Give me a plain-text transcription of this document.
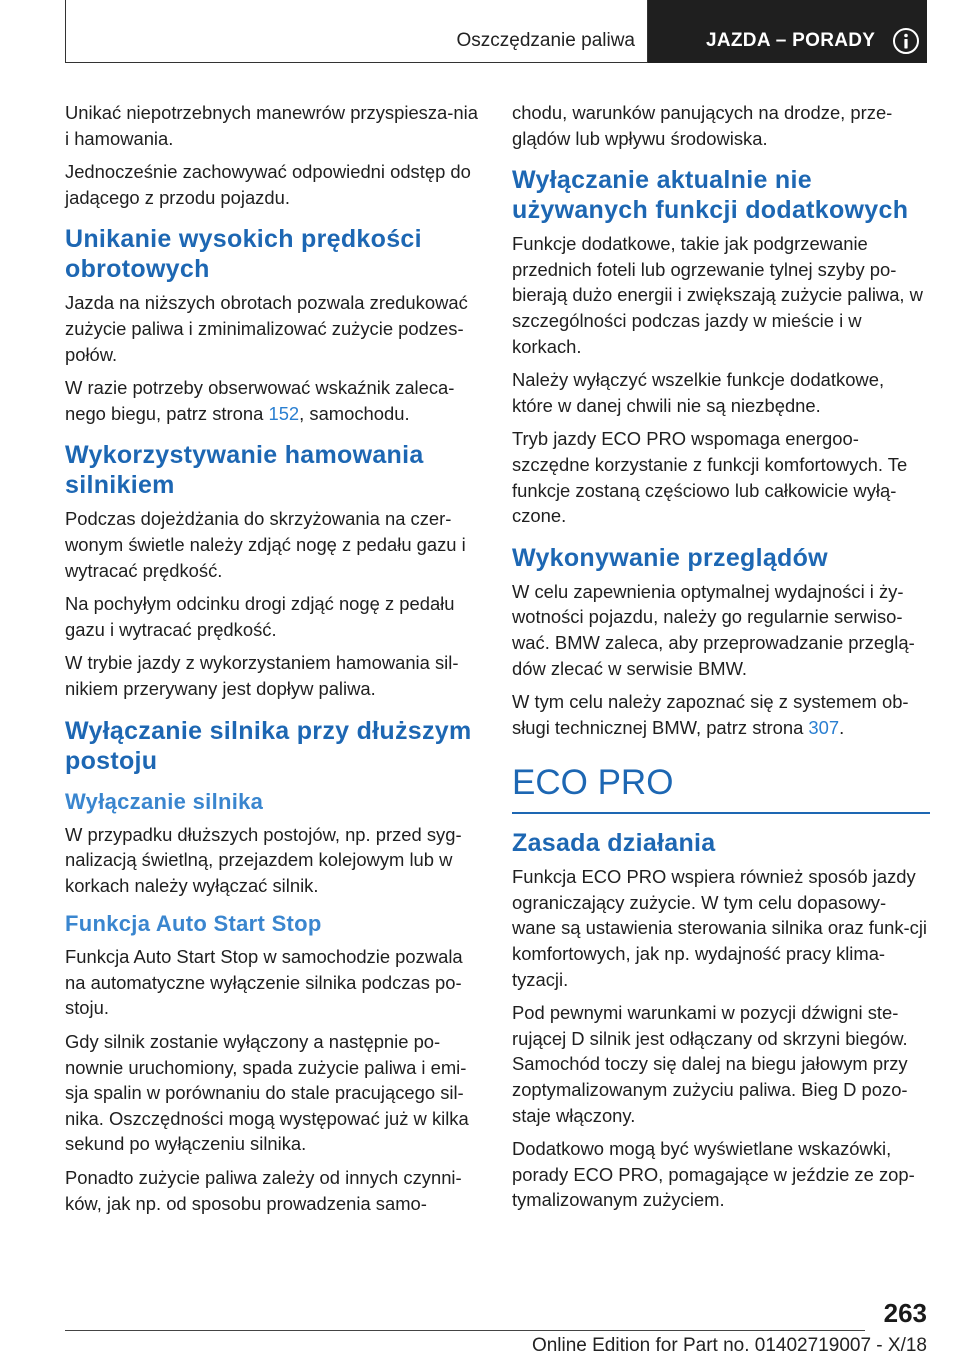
Oszczędzanie paliwa	JAZDA – PORADY

Unikać niepotrzebnych manewrów przyspiesza-nia i hamowania.

Jednocześnie zachowywać odpowiedni odstęp do jadącego z przodu pojazdu.

Unikanie wysokich prędkości obrotowych

Jazda na niższych obrotach pozwala zredukować zużycie paliwa i zminimalizować zużycie podzes-połów.

W razie potrzeby obserwować wskaźnik zaleca-nego biegu, patrz strona 152, samochodu.

Wykorzystywanie hamowania silnikiem

Podczas dojeżdżania do skrzyżowania na czer-wonym świetle należy zdjąć nogę z pedału gazu i wytracać prędkość.

Na pochyłym odcinku drogi zdjąć nogę z pedału gazu i wytracać prędkość.

W trybie jazdy z wykorzystaniem hamowania sil-nikiem przerywany jest dopływ paliwa.

Wyłączanie silnika przy dłuższym postoju
Wyłączanie silnika

W przypadku dłuższych postojów, np. przed syg-nalizacją świetlną, przejazdem kolejowym lub w korkach należy wyłączać silnik.

Funkcja Auto Start Stop

Funkcja Auto Start Stop w samochodzie pozwala na automatyczne wyłączenie silnika podczas po-stoju.

Gdy silnik zostanie wyłączony a następnie po-nownie uruchomiony, spada zużycie paliwa i emi-sja spalin w porównaniu do stale pracującego sil-nika. Oszczędności mogą występować już w kilka sekund po wyłączeniu silnika.

Ponadto zużycie paliwa zależy od innych czynni-ków, jak np. od sposobu prowadzenia samo-

chodu, warunków panujących na drodze, prze-glądów lub wpływu środowiska.

Wyłączanie aktualnie nie używanych funkcji dodatkowych

Funkcje dodatkowe, takie jak podgrzewanie przednich foteli lub ogrzewanie tylnej szyby po-bierają dużo energii i zwiększają zużycie paliwa, w szczególności podczas jazdy w mieście i w korkach.

Należy wyłączyć wszelkie funkcje dodatkowe, które w danej chwili nie są niezbędne.

Tryb jazdy ECO PRO wspomaga energoo-szczędne korzystanie z funkcji komfortowych. Te funkcje zostaną częściowo lub całkowicie wyłą-czone.

Wykonywanie przeglądów

W celu zapewnienia optymalnej wydajności i ży-wotności pojazdu, należy go regularnie serwiso-wać. BMW zaleca, aby przeprowadzanie przeglą-dów zlecać w serwisie BMW.

W tym celu należy zapoznać się z systemem ob-sługi technicznej BMW, patrz strona 307.

ECO PRO
Zasada działania

Funkcja ECO PRO wspiera również sposób jazdy ograniczający zużycie. W tym celu dopasowy-wane są ustawienia sterowania silnika oraz funk-cji komfortowych, jak np. wydajność pracy klima-tyzacji.

Pod pewnymi warunkami w pozycji dźwigni ste-rującej D silnik jest odłączany od skrzyni biegów. Samochód toczy się dalej na biegu jałowym przy zoptymalizowanym zużyciu paliwa. Bieg D pozo-staje włączony.

Dodatkowo mogą być wyświetlane wskazówki, porady ECO PRO, pomagające w jeździe ze zop-tymalizowanym zużyciem.

263
Online Edition for Part no. 01402719007 - X/18
